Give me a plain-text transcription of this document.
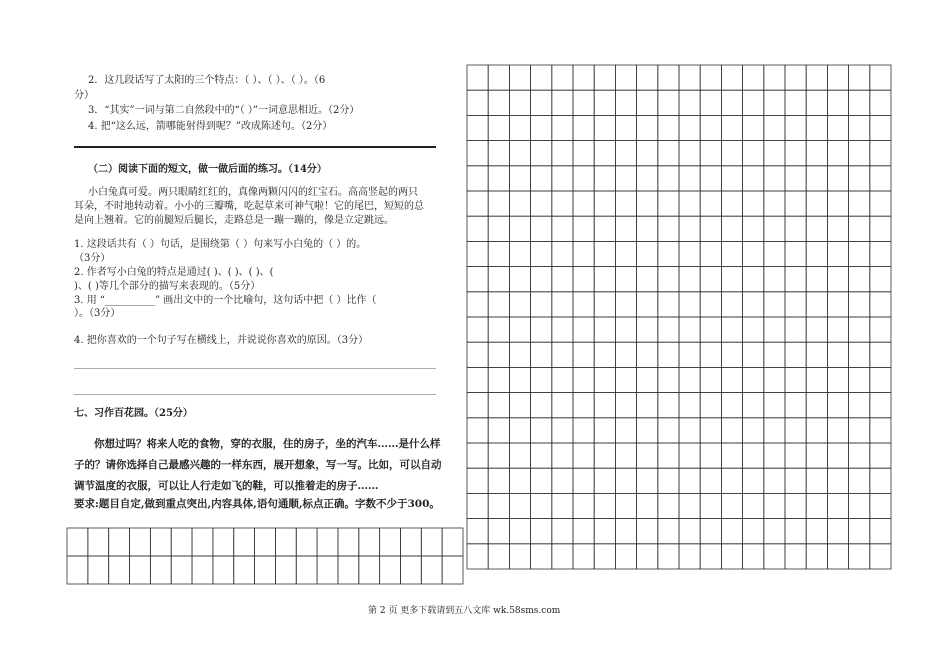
2．这几段话写了太阳的三个特点：（ ）、（ ）、（ ）。（6
分）
3．“其实”一词与第二自然段中的“（ ）”一词意思相近。（2分）
4. 把“这么远，箭哪能射得到呢？”改成陈述句。（2分）
（二）阅读下面的短文，做一做后面的练习。（14分）
小白兔真可爱。两只眼睛红红的，真像两颗闪闪的红宝石。高高竖起的两只
耳朵，不时地转动着。小小的三瓣嘴，吃起草来可神气啦！它的尾巴，短短的总
是向上翘着。它的前腿短后腿长，走路总是一蹦一蹦的，像是立定跳远。
1. 这段话共有（ ）句话，是围绕第（ ）句来写小白兔的（ ）的。
（3分）
2. 作者写小白兔的特点是通过( )、( )、( )、(
)、( )等几个部分的描写来表现的。（5分）
3. 用 “__________” 画出文中的一个比喻句，这句话中把（ ）比作（
）。（3分）
4. 把你喜欢的一个句子写在横线上，并说说你喜欢的原因。（3分）
七、习作百花园。（25分）
你想过吗？将来人吃的食物，穿的衣服，住的房子，坐的汽车……是什么样
子的？请你选择自己最感兴趣的一样东西，展开想象，写一写。比如，可以自动
调节温度的衣服，可以让人行走如飞的鞋，可以推着走的房子……
要求:题目自定,做到重点突出,内容具体,语句通顺,标点正确。字数不少于300。
第 2 页 更多下载请到五八文库 wk.58sms.com
